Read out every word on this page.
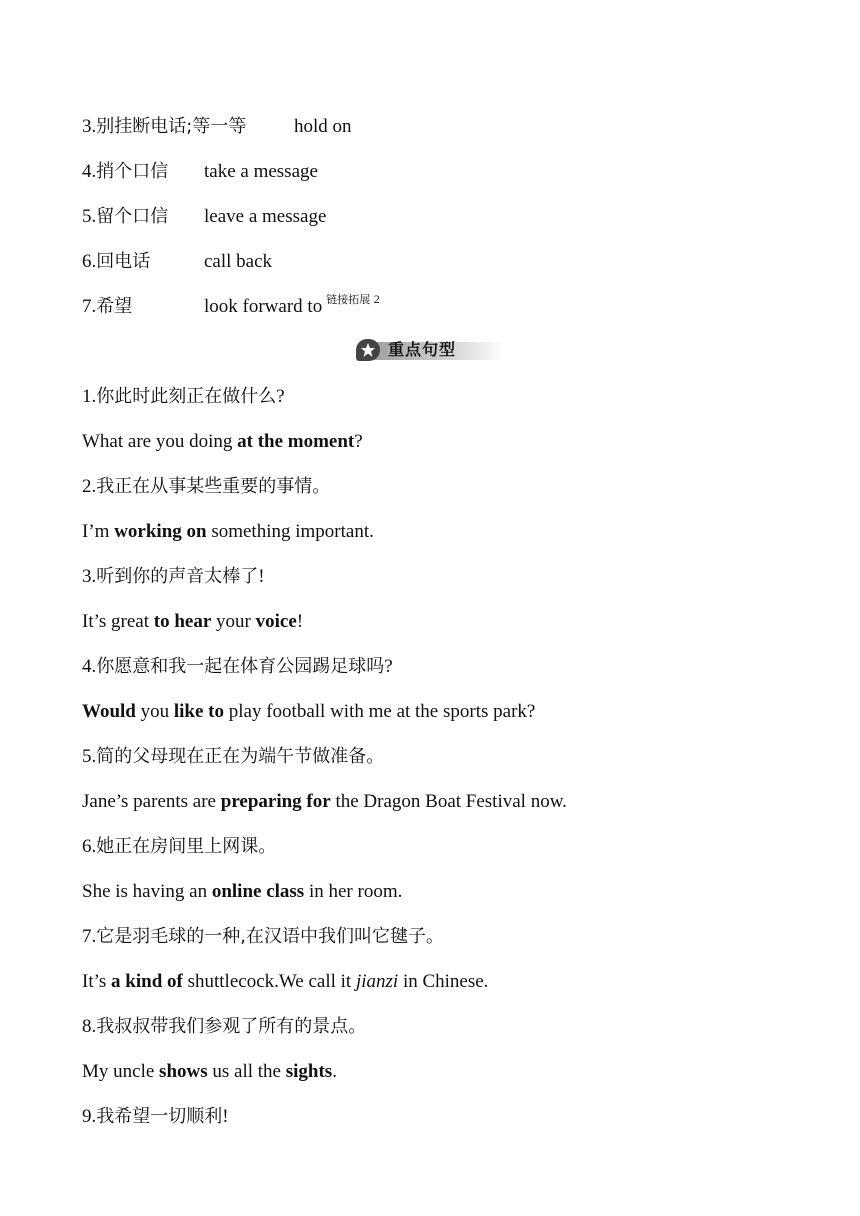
3.别挂断电话;等一等	hold on
4.捎个口信 take a message
5.留个口信 leave a message
6.回电话	call back
7.希望	look forward to $^{链接拓展 2}$
重点句型
1.你此时此刻正在做什么?
What are you doing at the moment?
2.我正在从事某些重要的事情。
I’m working on something important.
3.听到你的声音太棒了!
It’s great to hear your voice!
4.你愿意和我一起在体育公园踢足球吗?
Would you like to play football with me at the sports park?
5.简的父母现在正在为端午节做准备。
Jane’s parents are preparing for the Dragon Boat Festival now.
6.她正在房间里上网课。
She is having an online class in her room.
7.它是羽毛球的一种,在汉语中我们叫它毽子。
It’s a kind of shuttlecock.We call it jianzi in Chinese.
8.我叔叔带我们参观了所有的景点。
My uncle shows us all the sights.
9.我希望一切顺利!
